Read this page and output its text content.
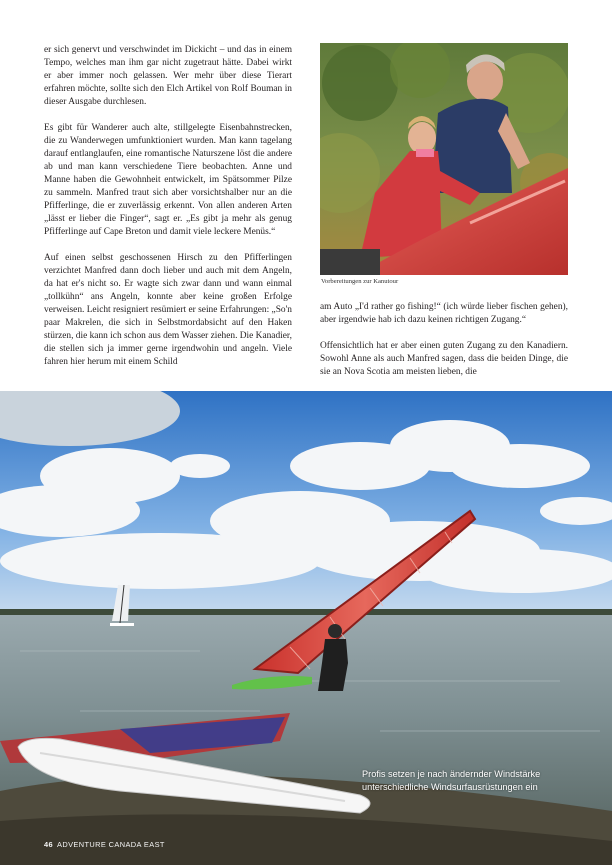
er sich genervt und verschwindet im Dickicht – und das in einem Tempo, welches man ihm gar nicht zugetraut hätte. Dabei wirkt er aber immer noch gelassen. Wer mehr über diese Tierart erfahren möchte, sollte sich den Elch Artikel von Rolf Bouman in dieser Ausgabe durchlesen.

Es gibt für Wanderer auch alte, stillgelegte Eisenbahnstrecken, die zu Wanderwegen umfunktioniert wurden. Man kann tagelang darauf entlanglaufen, eine romantische Naturszene löst die andere ab und man kann verschiedene Tiere beobachten. Anne und Manne haben die Gewohnheit entwickelt, im Spätsommer Pilze zu sammeln. Manfred traut sich aber vorsichtshalber nur an die Pfifferlinge, die er zuverlässig erkennt. Von allen anderen Arten „lässt er lieber die Finger“, sagt er. „Es gibt ja mehr als genug Pfifferlinge auf Cape Breton und damit viele leckere Menüs.“

Auf einen selbst geschossenen Hirsch zu den Pfifferlingen verzichtet Manfred dann doch lieber und auch mit dem Angeln, da hat er's nicht so. Er wagte sich zwar dann und wann einmal „tollkühn“ ans Angeln, konnte aber keine großen Erfolge verweisen. Leicht resigniert resümiert er seine Erfahrungen: „So'n paar Makrelen, die sich in Selbstmordabsicht auf den Haken stürzen, die kann ich schon aus dem Wasser ziehen. Die Kanadier, die stellen sich ja immer gerne irgendwohin und angeln. Viele fahren hier herum mit einem Schild

Vorbereitungen zur Kanutour

am Auto „I'd rather go fishing!“ (ich würde lieber fischen gehen), aber irgendwie hab ich dazu keinen richtigen Zugang.“

Offensichtlich hat er aber einen guten Zugang zu den Kanadiern. Sowohl Anne als auch Manfred sagen, dass die beiden Dinge, die sie an Nova Scotia am meisten lieben, die

Profis setzen je nach ändernder Windstärke
unterschiedliche Windsurfausrüstungen ein
46 ADVENTURE CANADA EAST
